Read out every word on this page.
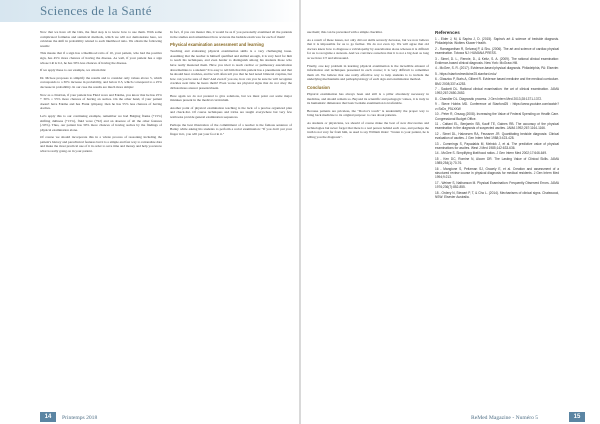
Sciences de la Santé

Now that we have all the LRs, the final step is to know how to use them. With some complicated formulas and statistical methods, which we will not demonstrate here, we calculate the shift in probability related to each likelihood ratio. We obtain the following results:

This means that if a sign has a likelihood ratio of 10, your patient, who had the positive sign, has 45% more chances of having the disease. As well, if your patient has a sign whose LR is 0.2, he has 30% less chances of having the disease.

If we apply these to our example, we obtain this:

Dr. McGee proposes to simplify the results and to consider only values above 5, which corresponds to a 30% increase in probability, and below 0.5, which correspond to a 25% decrease in probability. In our case the results are much more simple:

Now as a clinician, if your patient has Fluid wave and Edema, you know that he has 25% + 30% = 55% more chances of having an ascites. On the other hand, if your patient doesn't have Edema and has Flank tympany, then he has 55% less chances of having Ascites.

Let's apply this to our continuing example, remember we had Bulging flanks (+15%) shifting dullness (+15%), fluid wave (+92) and an absence of all the other features (-50%). Thus, our patient has 30% more chances of having ascites by the findings of physical examination alone.

Of course we should incorporate this in a whole process of reasoning including the patient's history and paraclinical features but it is a simple and fast way to rationalize data and make the most practical use of it in order to save time and money and help you know what is really going on in your patient.

In fact, if you can master this, it would be as if you personally examined all the patients in the studies and remembered how accurate the bedside exam was for each of them!

Physical examination assessment and learning

Teaching and evaluating physical examination skills is a very challenging issue. Assuming that the teacher is himself qualified and skilled enough, it is very hard for him to teach his techniques, and even harder to distinguish among his students those who have really mastered them. Have you tried to teach cardiac or pulmonary auscultation abnormalities to a student? It is easy to tell him that this patient has a pneumonia and that he should hear crackles, and he will often tell you that he had noted bilateral crepitus, but how can you be sure of that? And even if you are, how can you be sure he will recognize crackles next time he hears them? Even worse are physical signs that do not obey the dichotomous answer present/absent.

Here again we do not pretend to give solutions, but we must point out some major mistakes present in the medical curriculum.

Another point of physical examination teaching is the lack of a precise organized plan and check-list. Of course techniques and tricks are taught everywhere but very few textbooks provide general examination sequences.

Perhaps the best illustration of the commitment of a teacher is the famous sentence of Bailey while asking his students to perform a rectal examination: "If you don't put your finger in it, you will put your foot in it."

14	Printemps 2018

use them; this can be prevented with a simple checklist.

As a result of these issues, not only did our skills severely decrease, but we now believe that it is impossible for us to go further. We do not even try. We will agree that old doctors knew how to diagnose a valvulopathy by auscultation alone whereas it is difficult for us to recognize a stenosis. And we convince ourselves that it is not a big deal as long as we have CT and ultrasound.

Finally, one key problem in learning physical examination is the incredible amount of information and techniques presented in each course; it is very difficult to remember them all. We believe that one really effective way to help students is to include the underlying mechanisms and pathophysiology of each sign and examination method.

Conclusion

Physical examination has always been and still is a pillar absolutely necessary in medicine, and should remain so. Beyond its scientific and pedagogic values, it is truly in its humanistic dimension that basic bedside examination is irrefutable.

Because patients are priceless, the "Doctor's touch" is tendentially the proper way to bring back medicine to its original purpose: to care about patients.

As students or physicians, we should of course make the best of new discoveries and technologies but never forget that there is a real person behind each case, and perhaps the truth is not very far from him, as used to say William Osler: "Listen to your patient, he is telling you the diagnosis".

References
1 - Elder J, M, & Sapira J, D. (2015). Sapira's art & science of bedside diagnosis. Philadelphia: Wolters Kluwer Health.
2 - Ramaganthan R, Selvaraj P, & Shu. (2006). The art and science of cardiac physical examination. Totowa NJ: HUMANA PRESS.
3 - Simel, D. L., Rennie, D., & Keitz, S. A. (2009). The rational clinical examination: Evidence-based clinical diagnosis. New York: McGraw-Hill.
4 - McGee, S. R. (2017). Evidence-based physical diagnosis. Philadelphia, PA: Elsevier.
5 - https://stanfordmedicine25.stanford.edu/
6 - Glasziou P, Burls A, Gilbert R. Evidence based medicine and the medical curriculum. BMJ 2008;337:a1253.
7 - Sackett DL. Rational clinical examination: the art of clinical examination. JAMA 1992;267:2650-2652.
8 - Chandler DL. Diagnostic process. J Gen Intern Med 2013;28:1371-1372.
9 - Steve Hobbs MD. Conference at Stanford25 : https://www.youtube.com/watch?v=SxDx_P5LXKW
10 - Peter R, Orszag (2008). Increasing the Value of Federal Spending on Health Care. Congressional Budget Office.
11 - Cattani EL, Benjamin SB, Kauff TE, Gaines RB. The accuracy of the physical examination in the diagnosis of suspected ascites. JAMA 1992;267:1164-1166.
12 - Simel DL, Halvorsen RA, Feussner JR. Quantitating bedside diagnosis: Clinical evaluation of ascites. J Gen Intern Med 1988;3:423-428.
13 - Cummings S, Papadakis M, Melnick J, et al. The predictive value of physical examinations for ascites. West J Med 1985;142:633-636.
14 - McGee S. Simplifying likelihood ratios. J Gen Intern Med 2002;17:646-649.
15 - Ken DC, Romine N, Alcorn DR. The Lasting Value of Clinical Skills. JAMA 1985;254(1):70-76.
16 - Mangione S, Peitzman SJ, Gracely E, et al. Creation and assessment of a structured review course in physical diagnosis for medical residents. J Gen Intern Med 1994;9:213.
17 - Weiner S, Nathanson M. Physical Examination: Frequently Observed Errors. JAMA 1976;236(7):852-855.
18 - Ordery N, Stewart P, T, & Cho L. (2014). Mechanisms of clinical signs. Chatswood, NSW: Elsevier Australia.
ReMed Magazine - Numéro 5	15
